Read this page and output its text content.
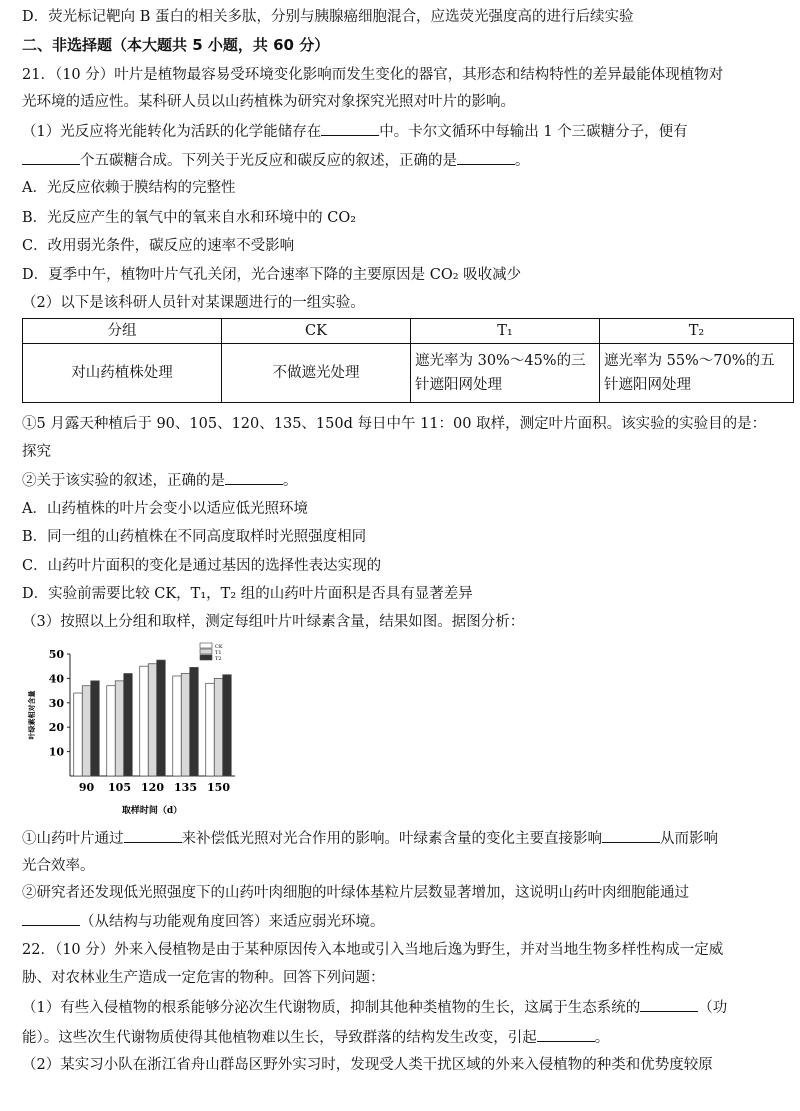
D．荧光标记靶向 B 蛋白的相关多肽，分别与胰腺癌细胞混合，应选荧光强度高的进行后续实验
二、非选择题（本大题共 5 小题，共 60 分）
21．（10 分）叶片是植物最容易受环境变化影响而发生变化的器官，其形态和结构特性的差异最能体现植物对
光环境的适应性。某科研人员以山药植株为研究对象探究光照对叶片的影响。
（1）光反应将光能转化为活跃的化学能储存在	中。卡尔文循环中每输出 1 个三碳糖分子，便有
个五碳糖合成。下列关于光反应和碳反应的叙述，正确的是	。
A．光反应依赖于膜结构的完整性
B．光反应产生的氧气中的氧来自水和环境中的 CO₂
C．改用弱光条件，碳反应的速率不受影响
D．夏季中午，植物叶片气孔关闭，光合速率下降的主要原因是 CO₂ 吸收减少
（2）以下是该科研人员针对某课题进行的一组实验。
分组	CK	T₁	T₂
对山药植株处理	不做遮光处理	遮光率为 30%～45%的三针遮阳网处理	遮光率为 55%～70%的五针遮阳网处理
①5 月露天种植后于 90、105、120、135、150d 每日中午 11：00 取样，测定叶片面积。该实验的实验目的是：
探究
②关于该实验的叙述，正确的是	。
A．山药植株的叶片会变小以适应低光照环境
B．同一组的山药植株在不同高度取样时光照强度相同
C．山药叶片面积的变化是通过基因的选择性表达实现的
D．实验前需要比较 CK，T₁，T₂ 组的山药叶片面积是否具有显著差异
（3）按照以上分组和取样，测定每组叶片叶绿素含量，结果如图。据图分析：
10
20
30
40
50
90 105 120 135 150
取样时间（d）
叶绿素相对含量
CK
T1
T2
①山药叶片通过	来补偿低光照对光合作用的影响。叶绿素含量的变化主要直接影响	从而影响
光合效率。
②研究者还发现低光照强度下的山药叶肉细胞的叶绿体基粒片层数显著增加，这说明山药叶肉细胞能通过
（从结构与功能观角度回答）来适应弱光环境。
22．（10 分）外来入侵植物是由于某种原因传入本地或引入当地后逸为野生，并对当地生物多样性构成一定威
胁、对农林业生产造成一定危害的物种。回答下列问题：
（1）有些入侵植物的根系能够分泌次生代谢物质，抑制其他种类植物的生长，这属于生态系统的	（功
能）。这些次生代谢物质使得其他植物难以生长，导致群落的结构发生改变，引起	。
（2）某实习小队在浙江省舟山群岛区野外实习时，发现受人类干扰区域的外来入侵植物的种类和优势度较原
